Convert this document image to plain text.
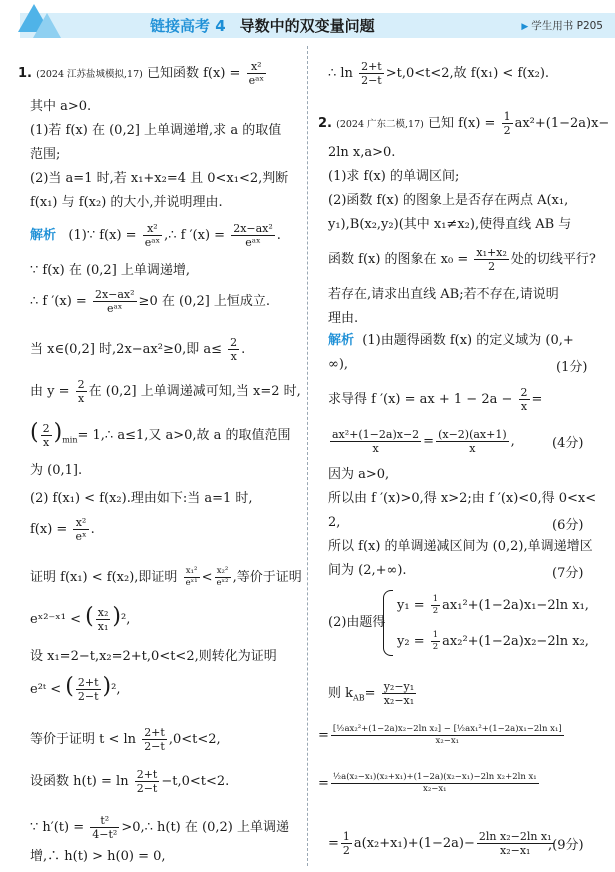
链接高考 4 导数中的双变量问题	▶ 学生用书 P205
1. (2024 江苏盐城模拟,17) 已知函数 $f(x) = \frac{\text{x²}}{\text{eᵃˣ}}$
其中 a>0.
(1)若 f(x) 在 (0,2] 上单调递增,求 a 的取值
范围;
(2)当 a=1 时,若 x₁+x₂=4 且 0<x₁<2,判断
f(x₁) 与 f(x₂) 的大小,并说明理由.
解析 (1)∵ $f(x) = \frac{\text{x²}}{\text{eᵃˣ}}$ ,∴ f $'(x) = \frac{\text{2x−ax²}}{\text{eᵃˣ}}$ .
∵ f(x) 在 (0,2] 上单调递增,
∴ f $'(x) = \frac{\text{2x−ax²}}{\text{eᵃˣ}} \ge 0$ 在 (0,2] 上恒成立.
当 x∈(0,2] 时,2x−ax²≥0,即 $a\le \frac{2}{x}$ .
由 $y = \frac{2}{x}$ 在 (0,2] 上单调递减可知,当 x=2 时,
( $\frac{2}{x} )_{min}=$ 1,∴ a≤1,又 a>0,故 a 的取值范围
为 (0,1].
(2) f(x₁) < f(x₂).理由如下:当 a=1 时,
$f(x) = \frac{\text{x²}}{\text{eˣ}}$ .
证明 f(x₁) < f(x₂),即证明 $\frac{\text{x₁²}}{\text{eˣ¹}} < \frac{\text{x₂²}}{\text{eˣ²}}$ ,等价于证明
eˣ²⁻ˣ¹ < ( $\frac{\text{x₂}}{\text{x₁}} )^2$,
设 x₁=2−t,x₂=2+t,0<t<2,则转化为证明
e²ᵗ < ( $\frac{2+t}{2-t} )^2$,
等价于证明 $t < \ln \frac{2+t}{2-t} ,0<t<2$,
设函数 $h(t) = \ln \frac{2+t}{2-t} -t,0<t<2$.
∵ $h'(t) = \frac{\text{t²}}{\text{4−t²}}$ >0,∴ h(t) 在 (0,2) 上单调递
增,∴ h(t) > h(0) = 0,
∴ $\ln \frac{2+t}{2-t} >t,0<t<2$,故 f(x₁) < f(x₂).
2. (2024 广东二模,17) 已知 $f(x) = \frac{1}{2} ax^2+(1-2a)x-$
2ln x,a>0.
(1)求 f(x) 的单调区间;
(2)函数 f(x) 的图象上是否存在两点 A(x₁,
y₁),B(x₂,y₂)(其中 x₁≠x₂),使得直线 AB 与
函数 f(x) 的图象在 $x_0 = \frac{\text{x₁+x₂}}{2}$ 处的切线平行?
若存在,请求出直线 AB;若不存在,请说明
理由.
解析 (1)由题得函数 f(x) 的定义域为 (0,+
∞),	(1分)
求导得 f ′(x) = ax + $1 - 2a - \frac{2}{x}$ =
$\frac{\text{ax²+(1−2a)x−2}}{x} = \frac{(x-2)(ax+1)}{x}$ ,	(4分)
因为 a>0,
所以由 f ′(x)>0,得 x>2;由 f ′(x)<0,得 0<x<
2,	(6分)
所以 f(x) 的单调递减区间为 (0,2),单调递增区
间为 (2,+∞).	(7分)
(2)由题得
$y_1 = \frac{1}{2} ax_1^2+(1-2a)x_1-2\ln$ x₁,
$y_2 = \frac{1}{2} ax_2^2+(1-2a)x_2-2\ln$ x₂,
则 $k_{AB}= \frac{\text{y₂−y₁}}{\text{x₂−x₁}}$
= $\frac{\text{[½ax₂²+(1−2a)x₂−2ln x₂] − [½ax₁²+(1−2a)x₁−2ln x₁]}}{\text{x₂−x₁}}$
= $\frac{\text{½a(x₂−x₁)(x₂+x₁)+(1−2a)(x₂−x₁)−2ln x₂+2ln x₁}}{\text{x₂−x₁}}$
= $\frac{1}{2} a(x_2+x_1)+(1-2a)- \frac{\text{2ln x₂−2ln x₁}}{\text{x₂−x₁}}$
,(9分)
